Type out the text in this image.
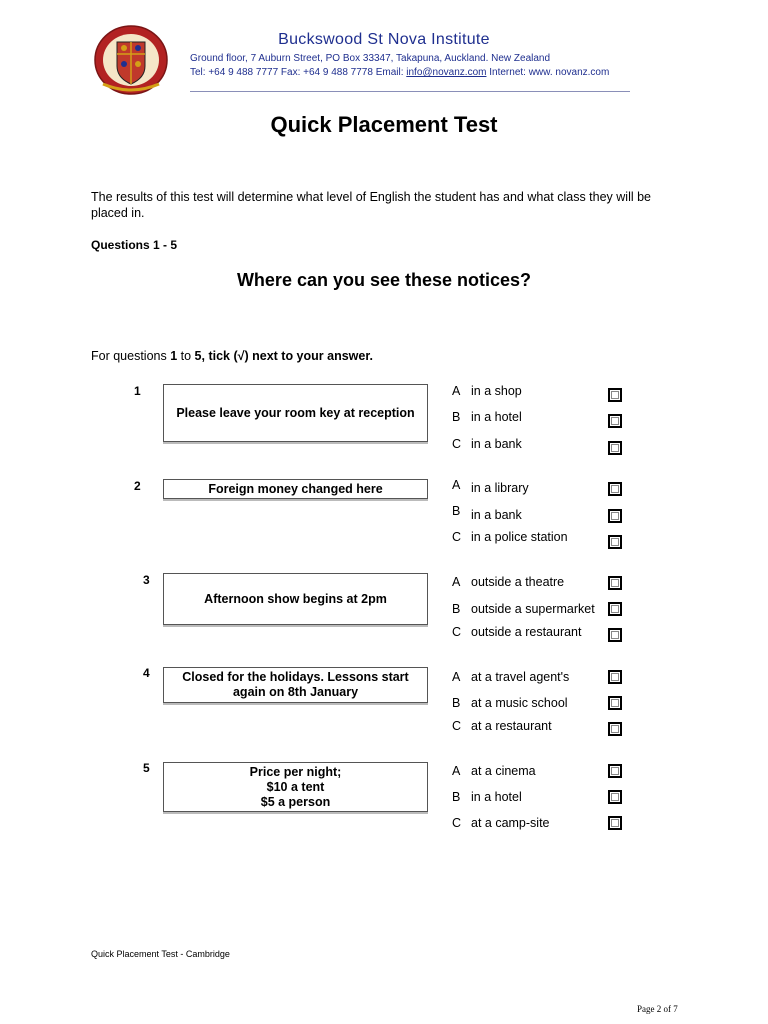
Buckswood St Nova Institute
Ground floor, 7 Auburn Street, PO Box 33347, Takapuna, Auckland. New Zealand
Tel: +64 9 488 7777 Fax: +64 9 488 7778 Email: info@novanz.com Internet: www. novanz.com
Quick Placement Test
The results of this test will determine what level of English the student has and what class they will be placed in.
Questions 1 - 5
Where can you see these notices?
For questions 1 to 5, tick (√) next to your answer.
1
Please leave your room key at reception
A in a shop
B in a hotel
C in a bank
2	Foreign money changed here	A in a library
B in a bank
C in a police station
3
Afternoon show begins at 2pm
A outside a theatre
B outside a supermarket
C outside a restaurant
4	Closed for the holidays. Lessons start again on 8th January
A at a travel agent's
B at a music school
C at a restaurant
5	Price per night;
$10 a tent
$5 a person
A at a cinema
B in a hotel
C at a camp-site
Quick Placement Test - Cambridge
Page 2 of 7
